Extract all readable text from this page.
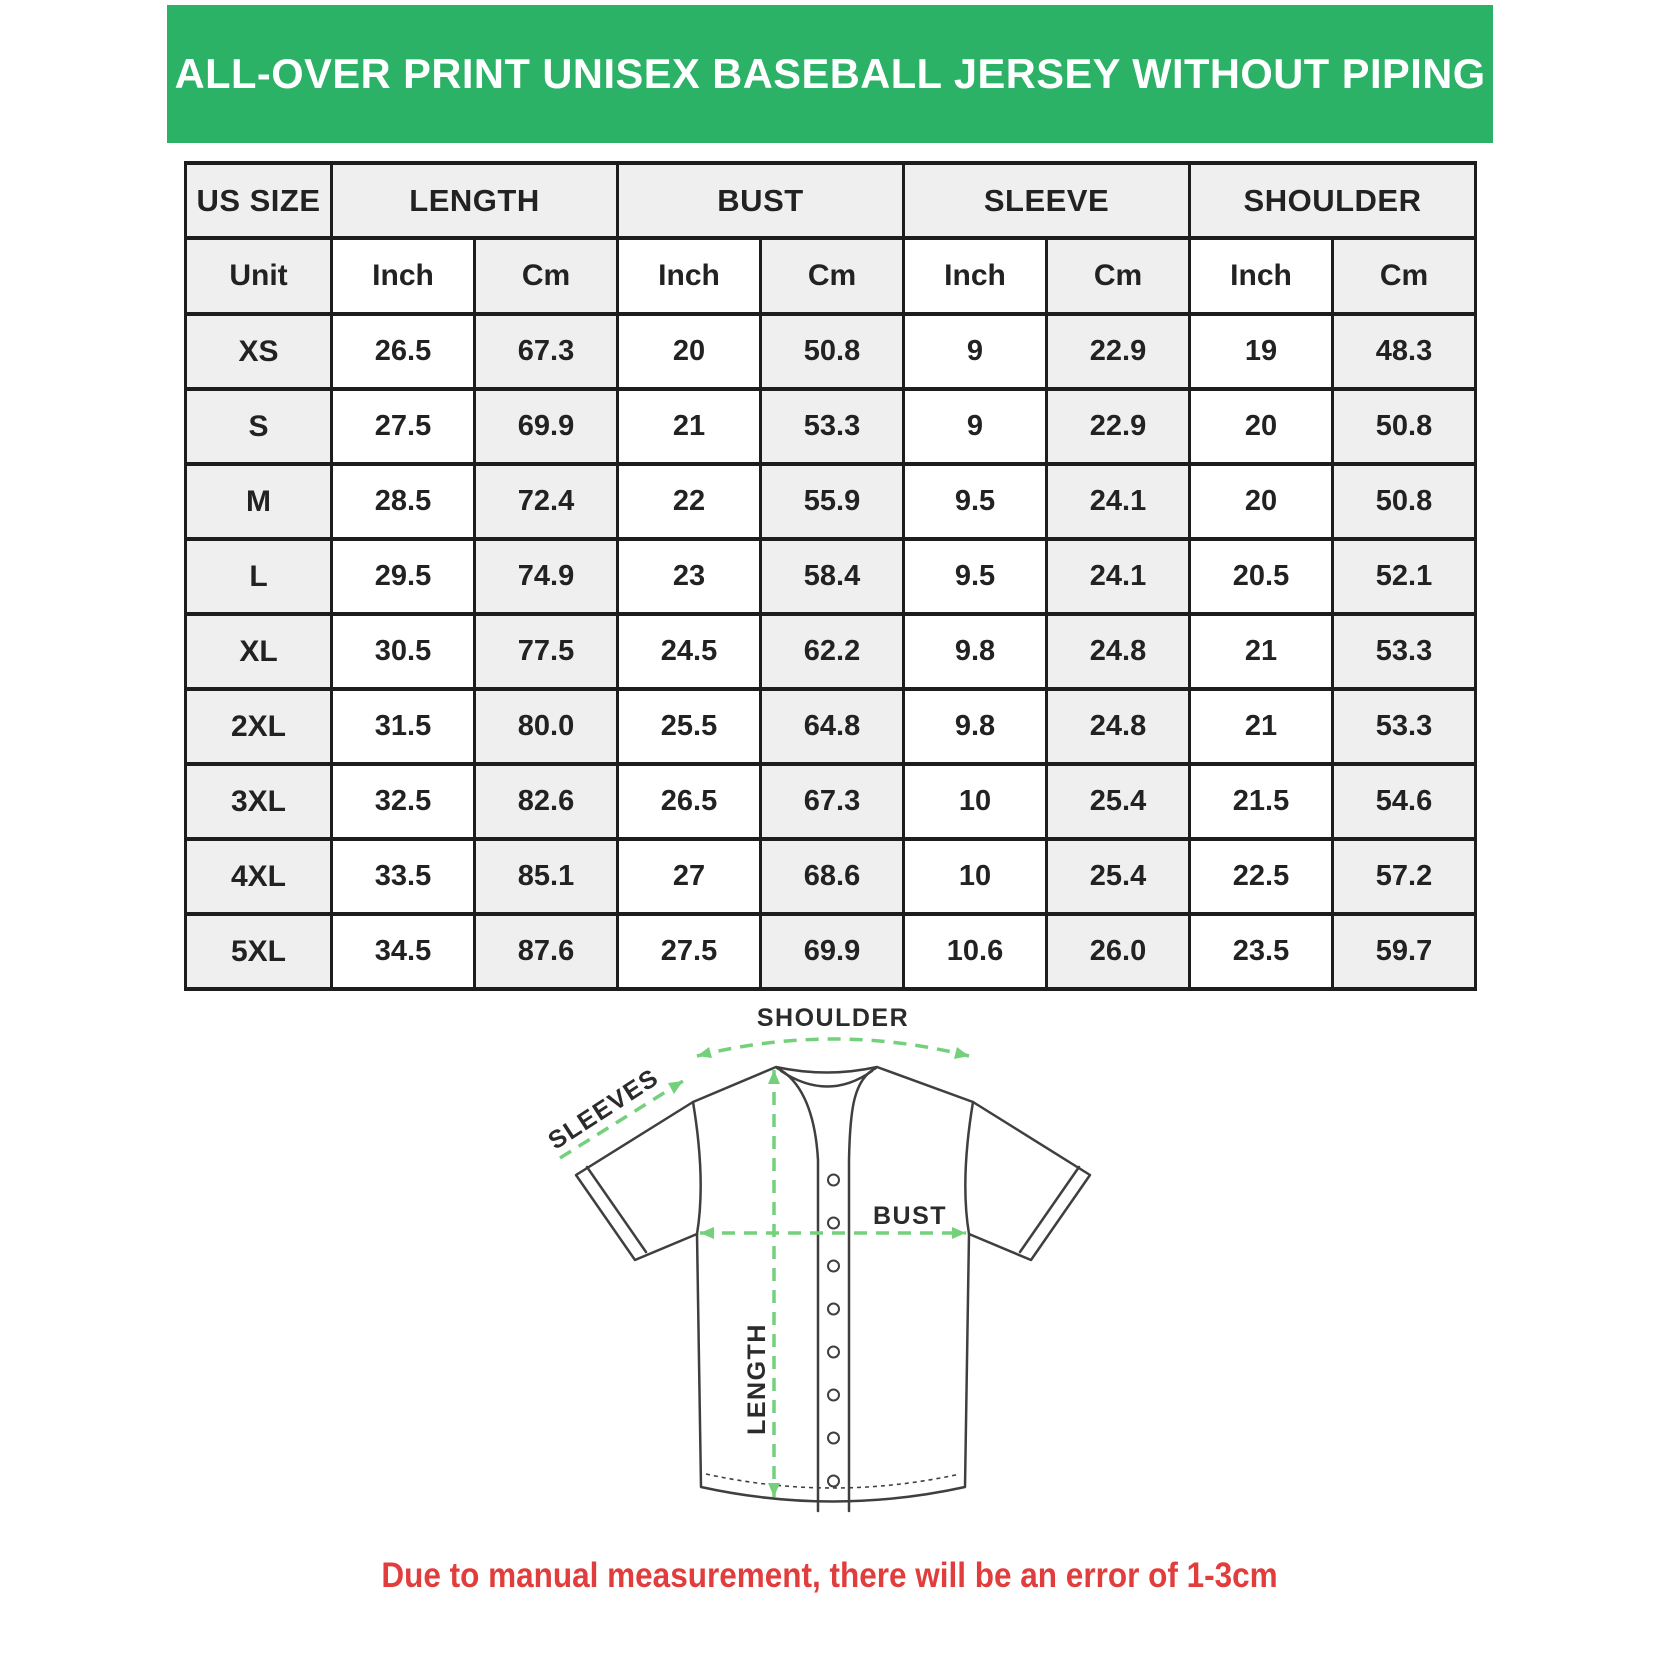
ALL-OVER PRINT UNISEX BASEBALL JERSEY WITHOUT PIPING
US SIZE	LENGTH		BUST		SLEEVE		SHOULDER	
Unit	Inch	Cm	Inch	Cm	Inch	Cm	Inch	Cm
XS	26.5	67.3	20	50.8	9	22.9	19	48.3
S	27.5	69.9	21	53.3	9	22.9	20	50.8
M	28.5	72.4	22	55.9	9.5	24.1	20	50.8
L	29.5	74.9	23	58.4	9.5	24.1	20.5	52.1
XL	30.5	77.5	24.5	62.2	9.8	24.8	21	53.3
2XL	31.5	80.0	25.5	64.8	9.8	24.8	21	53.3
3XL	32.5	82.6	26.5	67.3	10	25.4	21.5	54.6
4XL	33.5	85.1	27	68.6	10	25.4	22.5	57.2
5XL	34.5	87.6	27.5	69.9	10.6	26.0	23.5	59.7
SHOULDER
SLEEVES
BUST
LENGTH
Due to manual measurement, there will be an error of 1-3cm
